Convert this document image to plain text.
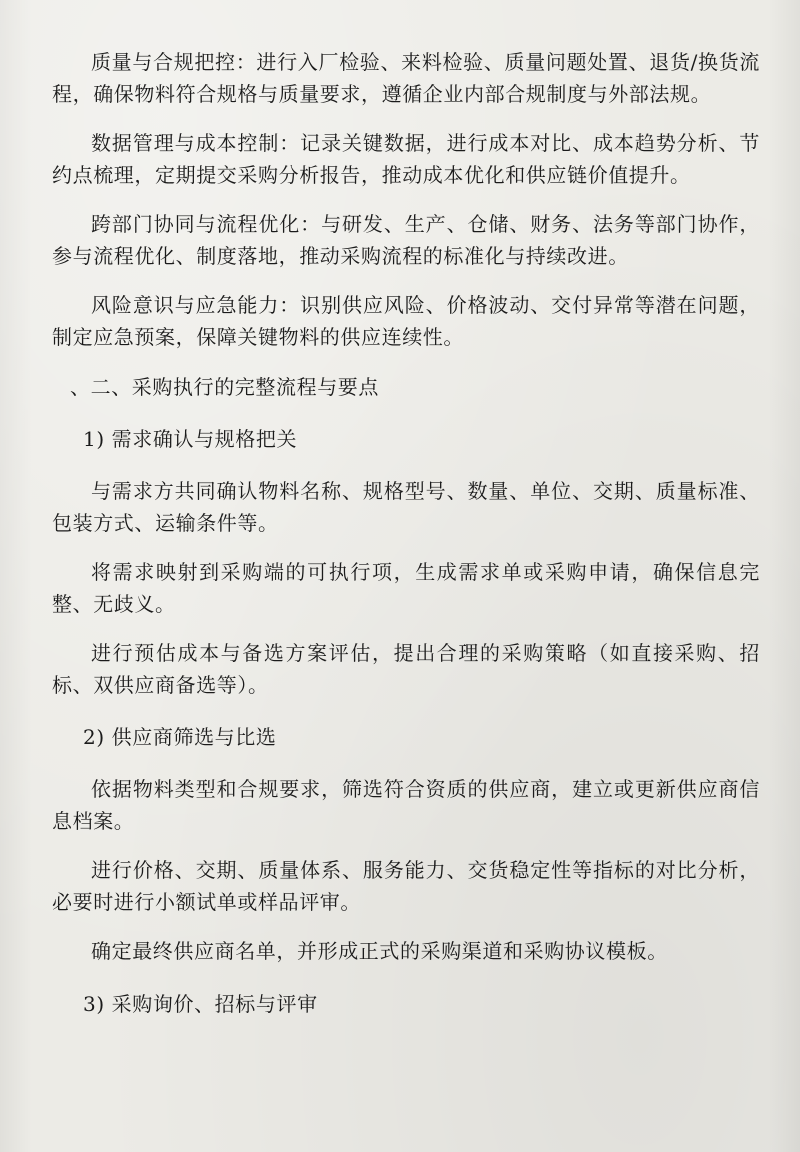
质量与合规把控：进行入厂检验、来料检验、质量问题处置、退货/换货流程，确保物料符合规格与质量要求，遵循企业内部合规制度与外部法规。

数据管理与成本控制：记录关键数据，进行成本对比、成本趋势分析、节约点梳理，定期提交采购分析报告，推动成本优化和供应链价值提升。

跨部门协同与流程优化：与研发、生产、仓储、财务、法务等部门协作，参与流程优化、制度落地，推动采购流程的标准化与持续改进。

风险意识与应急能力：识别供应风险、价格波动、交付异常等潜在问题，制定应急预案，保障关键物料的供应连续性。

、二、采购执行的完整流程与要点

1) 需求确认与规格把关

与需求方共同确认物料名称、规格型号、数量、单位、交期、质量标准、包装方式、运输条件等。

将需求映射到采购端的可执行项，生成需求单或采购申请，确保信息完整、无歧义。

进行预估成本与备选方案评估，提出合理的采购策略（如直接采购、招标、双供应商备选等）。

2) 供应商筛选与比选

依据物料类型和合规要求，筛选符合资质的供应商，建立或更新供应商信息档案。

进行价格、交期、质量体系、服务能力、交货稳定性等指标的对比分析，必要时进行小额试单或样品评审。

确定最终供应商名单，并形成正式的采购渠道和采购协议模板。

3) 采购询价、招标与评审
